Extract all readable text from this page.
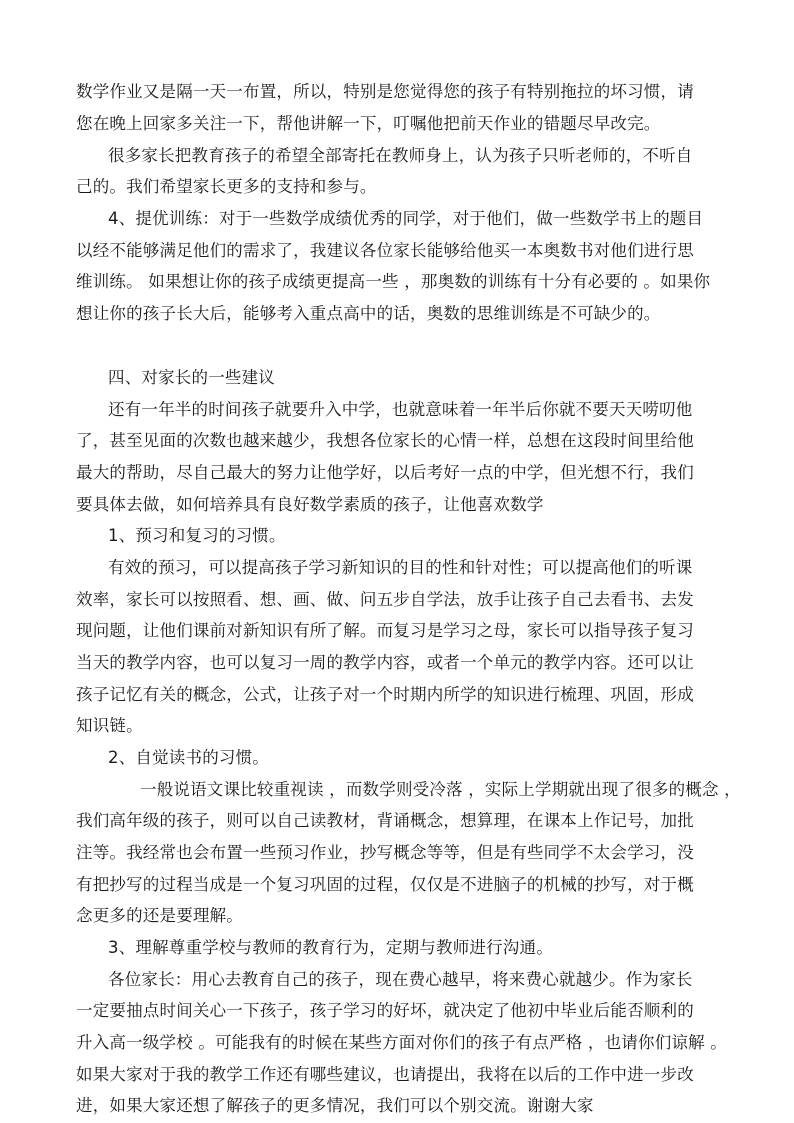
数学作业又是隔一天一布置，所以，特别是您觉得您的孩子有特别拖拉的坏习惯，请
您在晚上回家多关注一下，帮他讲解一下，叮嘱他把前天作业的错题尽早改完。
很多家长把教育孩子的希望全部寄托在教师身上，认为孩子只听老师的，不听自
己的。我们希望家长更多的支持和参与。
4、提优训练：对于一些数学成绩优秀的同学，对于他们，做一些数学书上的题目
以经不能够满足他们的需求了，我建议各位家长能够给他买一本奥数书对他们进行思
维训练。 如果想让你的孩子成绩更提高一些 ，那奥数的训练有十分有必要的 。如果你
想让你的孩子长大后，能够考入重点高中的话，奥数的思维训练是不可缺少的。
四、对家长的一些建议
还有一年半的时间孩子就要升入中学，也就意味着一年半后你就不要天天唠叨他
了，甚至见面的次数也越来越少，我想各位家长的心情一样，总想在这段时间里给他
最大的帮助，尽自己最大的努力让他学好，以后考好一点的中学，但光想不行，我们
要具体去做，如何培养具有良好数学素质的孩子，让他喜欢数学
1、预习和复习的习惯。
有效的预习，可以提高孩子学习新知识的目的性和针对性；可以提高他们的听课
效率，家长可以按照看、想、画、做、问五步自学法，放手让孩子自己去看书、去发
现问题，让他们课前对新知识有所了解。而复习是学习之母，家长可以指导孩子复习
当天的教学内容，也可以复习一周的教学内容，或者一个单元的教学内容。还可以让
孩子记忆有关的概念，公式，让孩子对一个时期内所学的知识进行梳理、巩固，形成
知识链。
2、自觉读书的习惯。
一般说语文课比较重视读 ，而数学则受冷落 ，实际上学期就出现了很多的概念 ，
我们高年级的孩子，则可以自己读教材，背诵概念，想算理，在课本上作记号，加批
注等。我经常也会布置一些预习作业，抄写概念等等，但是有些同学不太会学习，没
有把抄写的过程当成是一个复习巩固的过程，仅仅是不进脑子的机械的抄写，对于概
念更多的还是要理解。
3、理解尊重学校与教师的教育行为，定期与教师进行沟通。
各位家长：用心去教育自己的孩子，现在费心越早，将来费心就越少。作为家长
一定要抽点时间关心一下孩子，孩子学习的好坏，就决定了他初中毕业后能否顺利的
升入高一级学校 。可能我有的时候在某些方面对你们的孩子有点严格 ，也请你们谅解 。
如果大家对于我的教学工作还有哪些建议，也请提出，我将在以后的工作中进一步改
进，如果大家还想了解孩子的更多情况，我们可以个别交流。谢谢大家
